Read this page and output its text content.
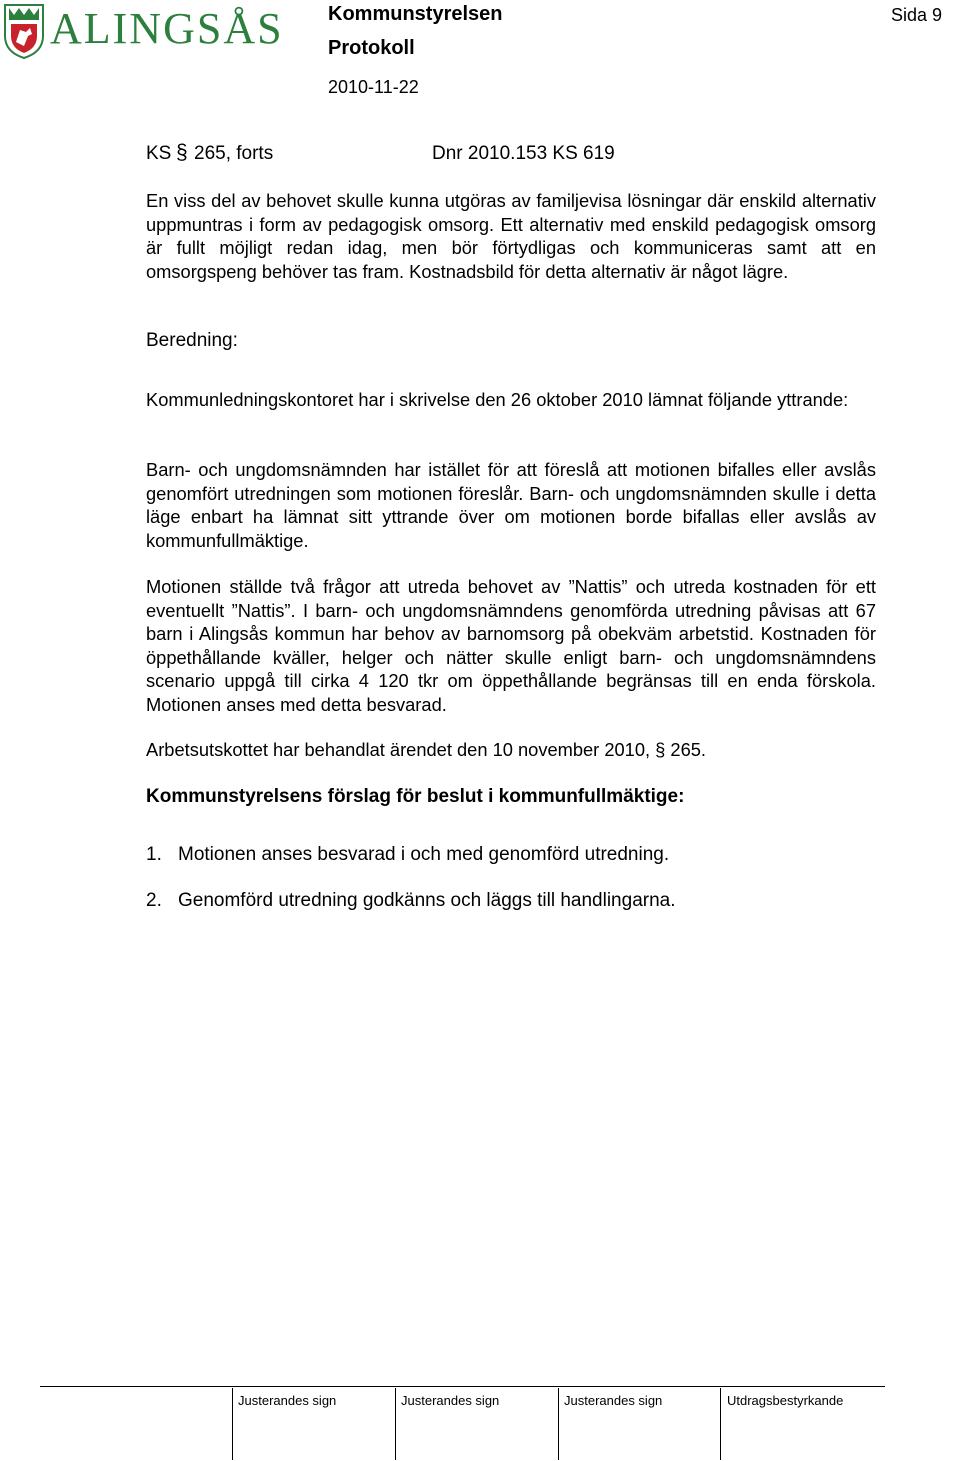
ALINGSÅS Kommunstyrelsen
Protokoll
2010-11-22
Sida 9
KS § 265, forts	Dnr 2010.153 KS 619
En viss del av behovet skulle kunna utgöras av familjevisa lösningar där enskild alternativ uppmuntras i form av pedagogisk omsorg. Ett alternativ med enskild pedagogisk omsorg är fullt möjligt redan idag, men bör förtydligas och kommuniceras samt att en omsorgspeng behöver tas fram. Kostnadsbild för detta alternativ är något lägre.
Beredning:
Kommunledningskontoret har i skrivelse den 26 oktober 2010 lämnat följande yttrande:
Barn- och ungdomsnämnden har istället för att föreslå att motionen bifalles eller avslås genomfört utredningen som motionen föreslår. Barn- och ungdomsnämnden skulle i detta läge enbart ha lämnat sitt yttrande över om motionen borde bifallas eller avslås av kommunfullmäktige.
Motionen ställde två frågor att utreda behovet av ”Nattis” och utreda kostnaden för ett eventuellt ”Nattis”. I barn- och ungdomsnämndens genomförda utredning påvisas att 67 barn i Alingsås kommun har behov av barnomsorg på obekväm arbetstid. Kostnaden för öppethållande kväller, helger och nätter skulle enligt barn- och ungdomsnämndens scenario uppgå till cirka 4 120 tkr om öppethållande begränsas till en enda förskola. Motionen anses med detta besvarad.
Arbetsutskottet har behandlat ärendet den 10 november 2010, § 265.
Kommunstyrelsens förslag för beslut i kommunfullmäktige:
1. Motionen anses besvarad i och med genomförd utredning.
2. Genomförd utredning godkänns och läggs till handlingarna.
Justerandes sign	Justerandes sign	Justerandes sign	Utdragsbestyrkande
